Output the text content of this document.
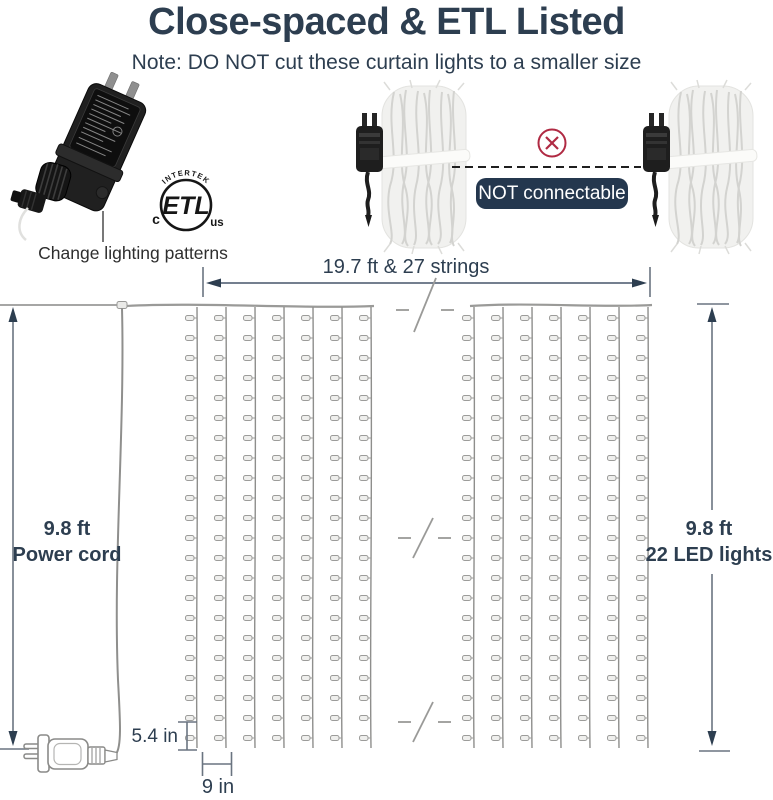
INTERTEK
ETL
c	us
Close-spaced & ETL Listed
Note: DO NOT cut these curtain lights to a smaller size
Change lighting patterns
NOT connectable
19.7 ft & 27 strings
9.8 ft
Power cord
9.8 ft
22 LED lights
5.4 in
9 in
